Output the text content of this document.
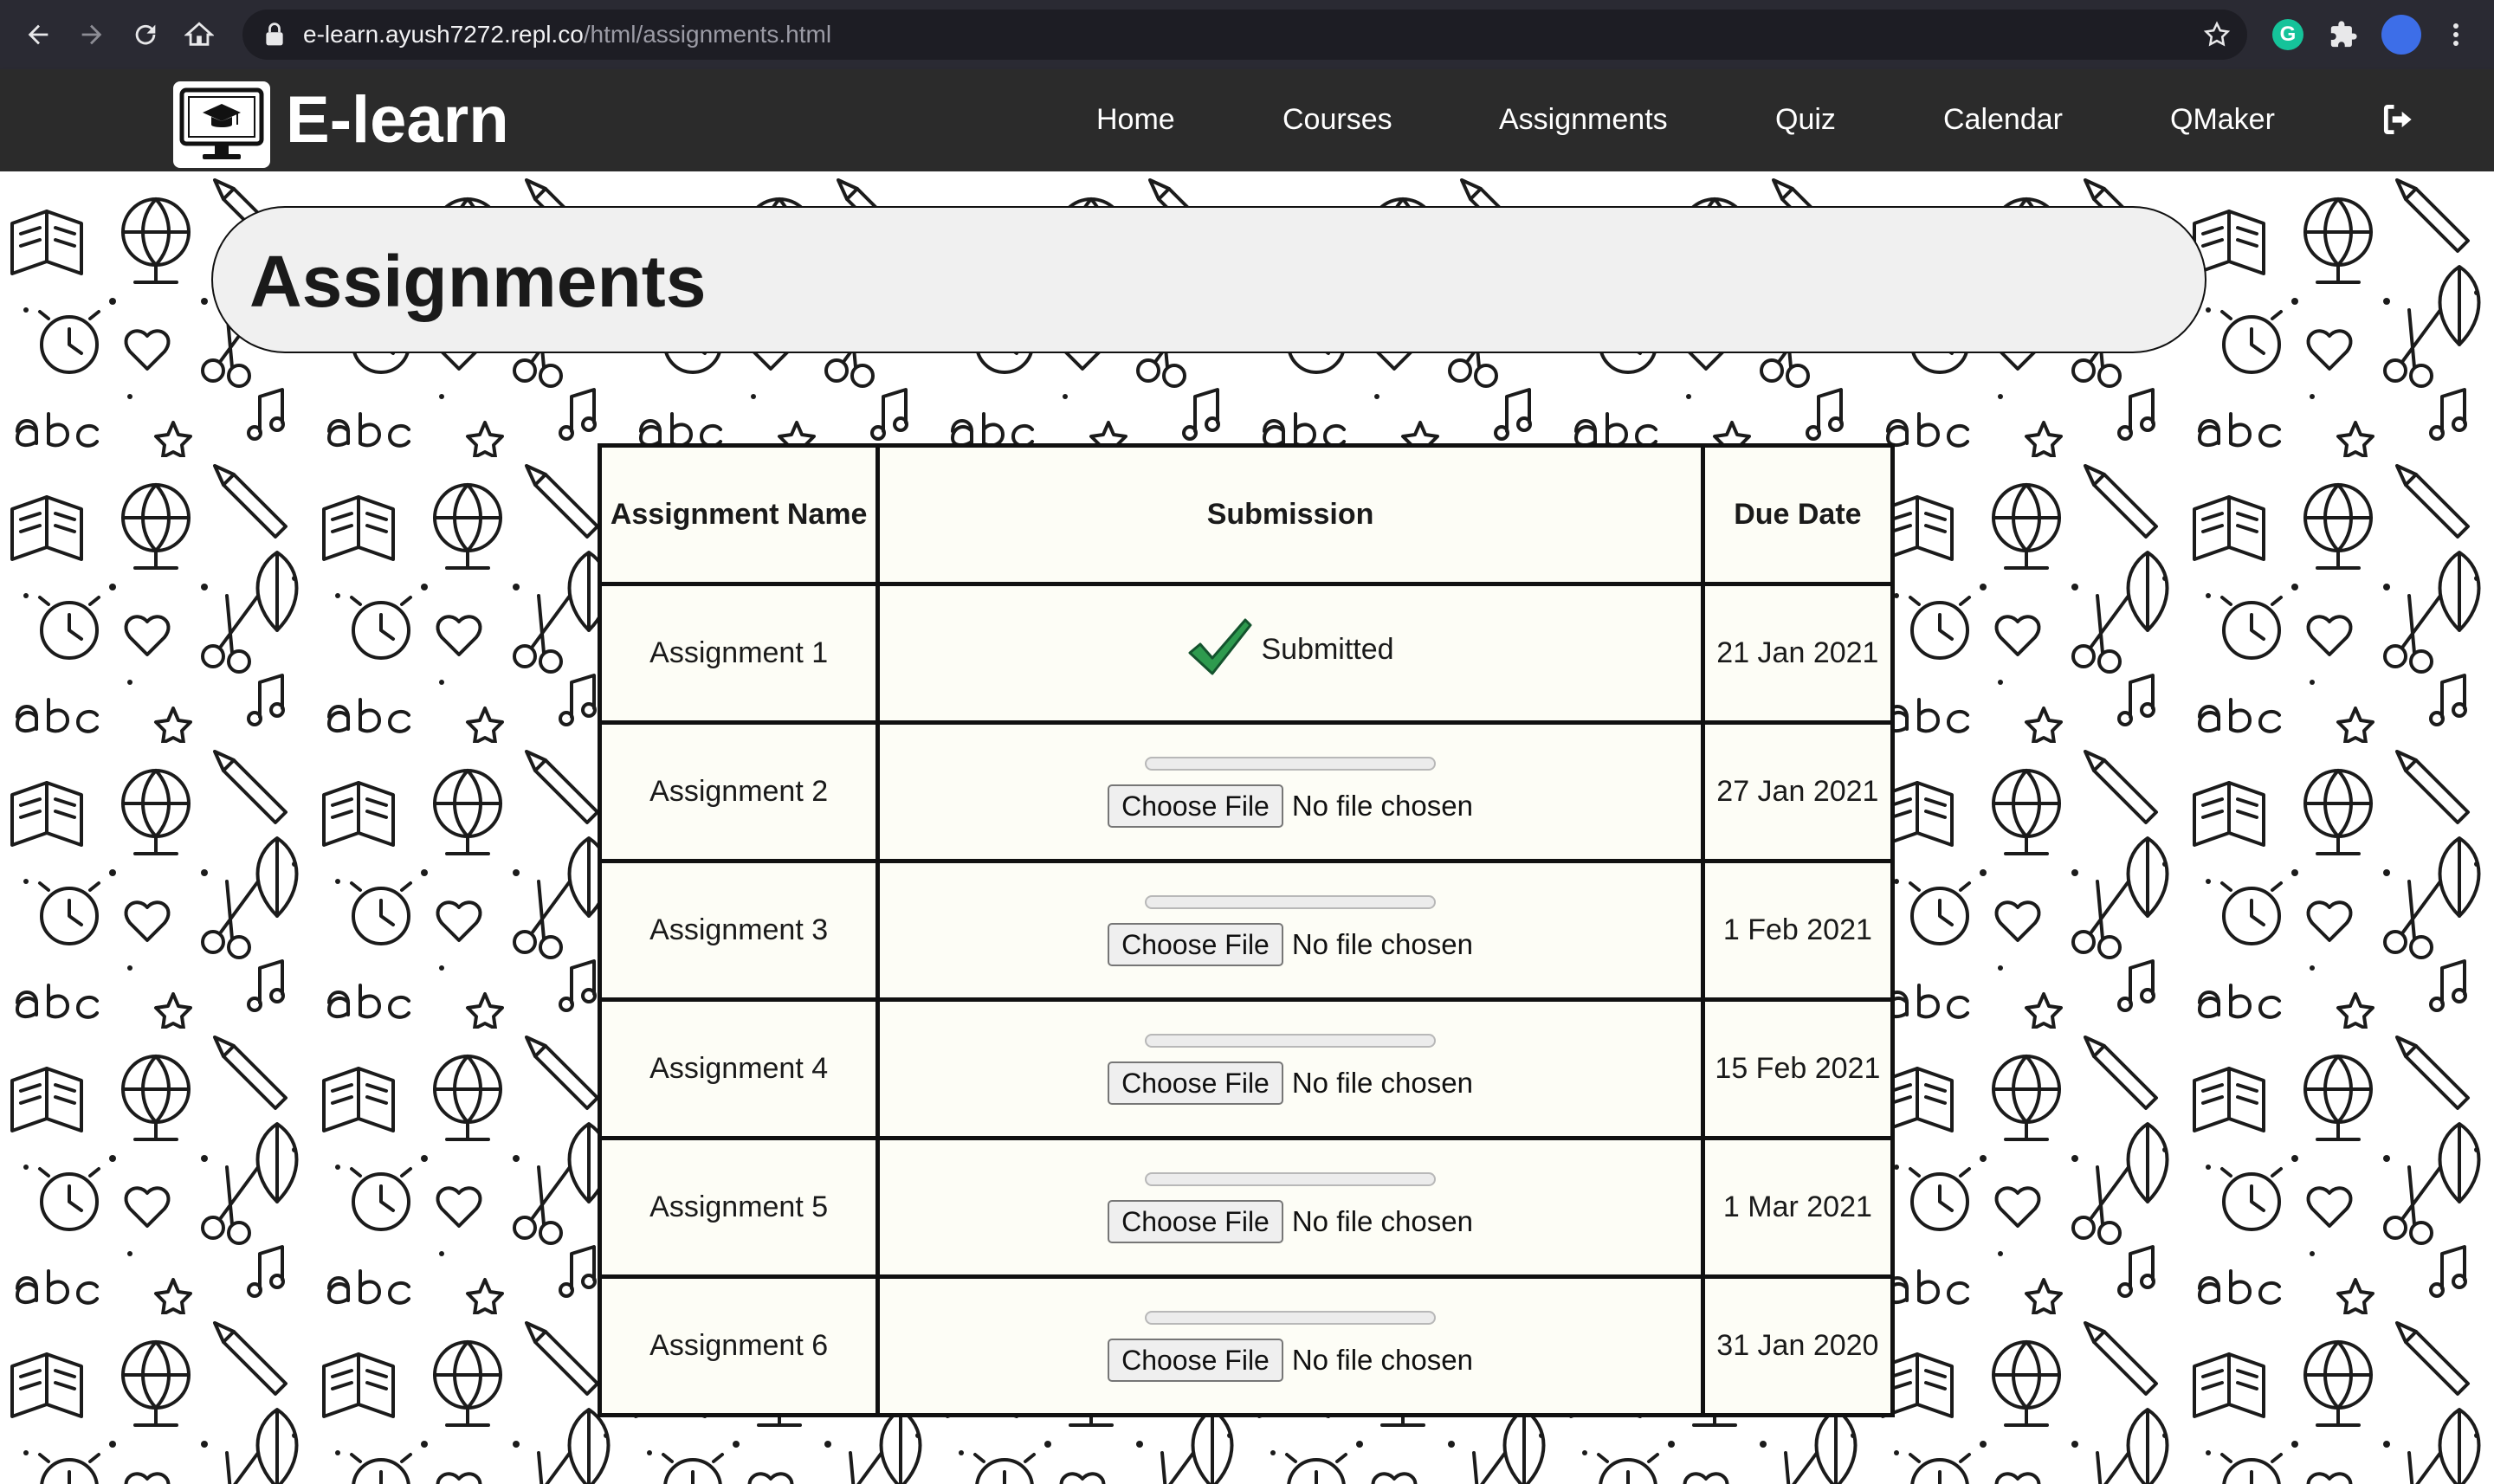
e-learn.ayush7272.repl.co /html/assignments.html	G
E-learn	Home	Courses	Assignments	Quiz	Calendar	QMaker
Assignments
Assignment Name	Submission	Due Date
Assignment 1	Submitted	21 Jan 2021
Assignment 2	Choose File No file chosen	27 Jan 2021
Assignment 3	Choose File No file chosen	1 Feb 2021
Assignment 4	Choose File No file chosen	15 Feb 2021
Assignment 5	Choose File No file chosen	1 Mar 2021
Assignment 6	Choose File No file chosen	31 Jan 2020
